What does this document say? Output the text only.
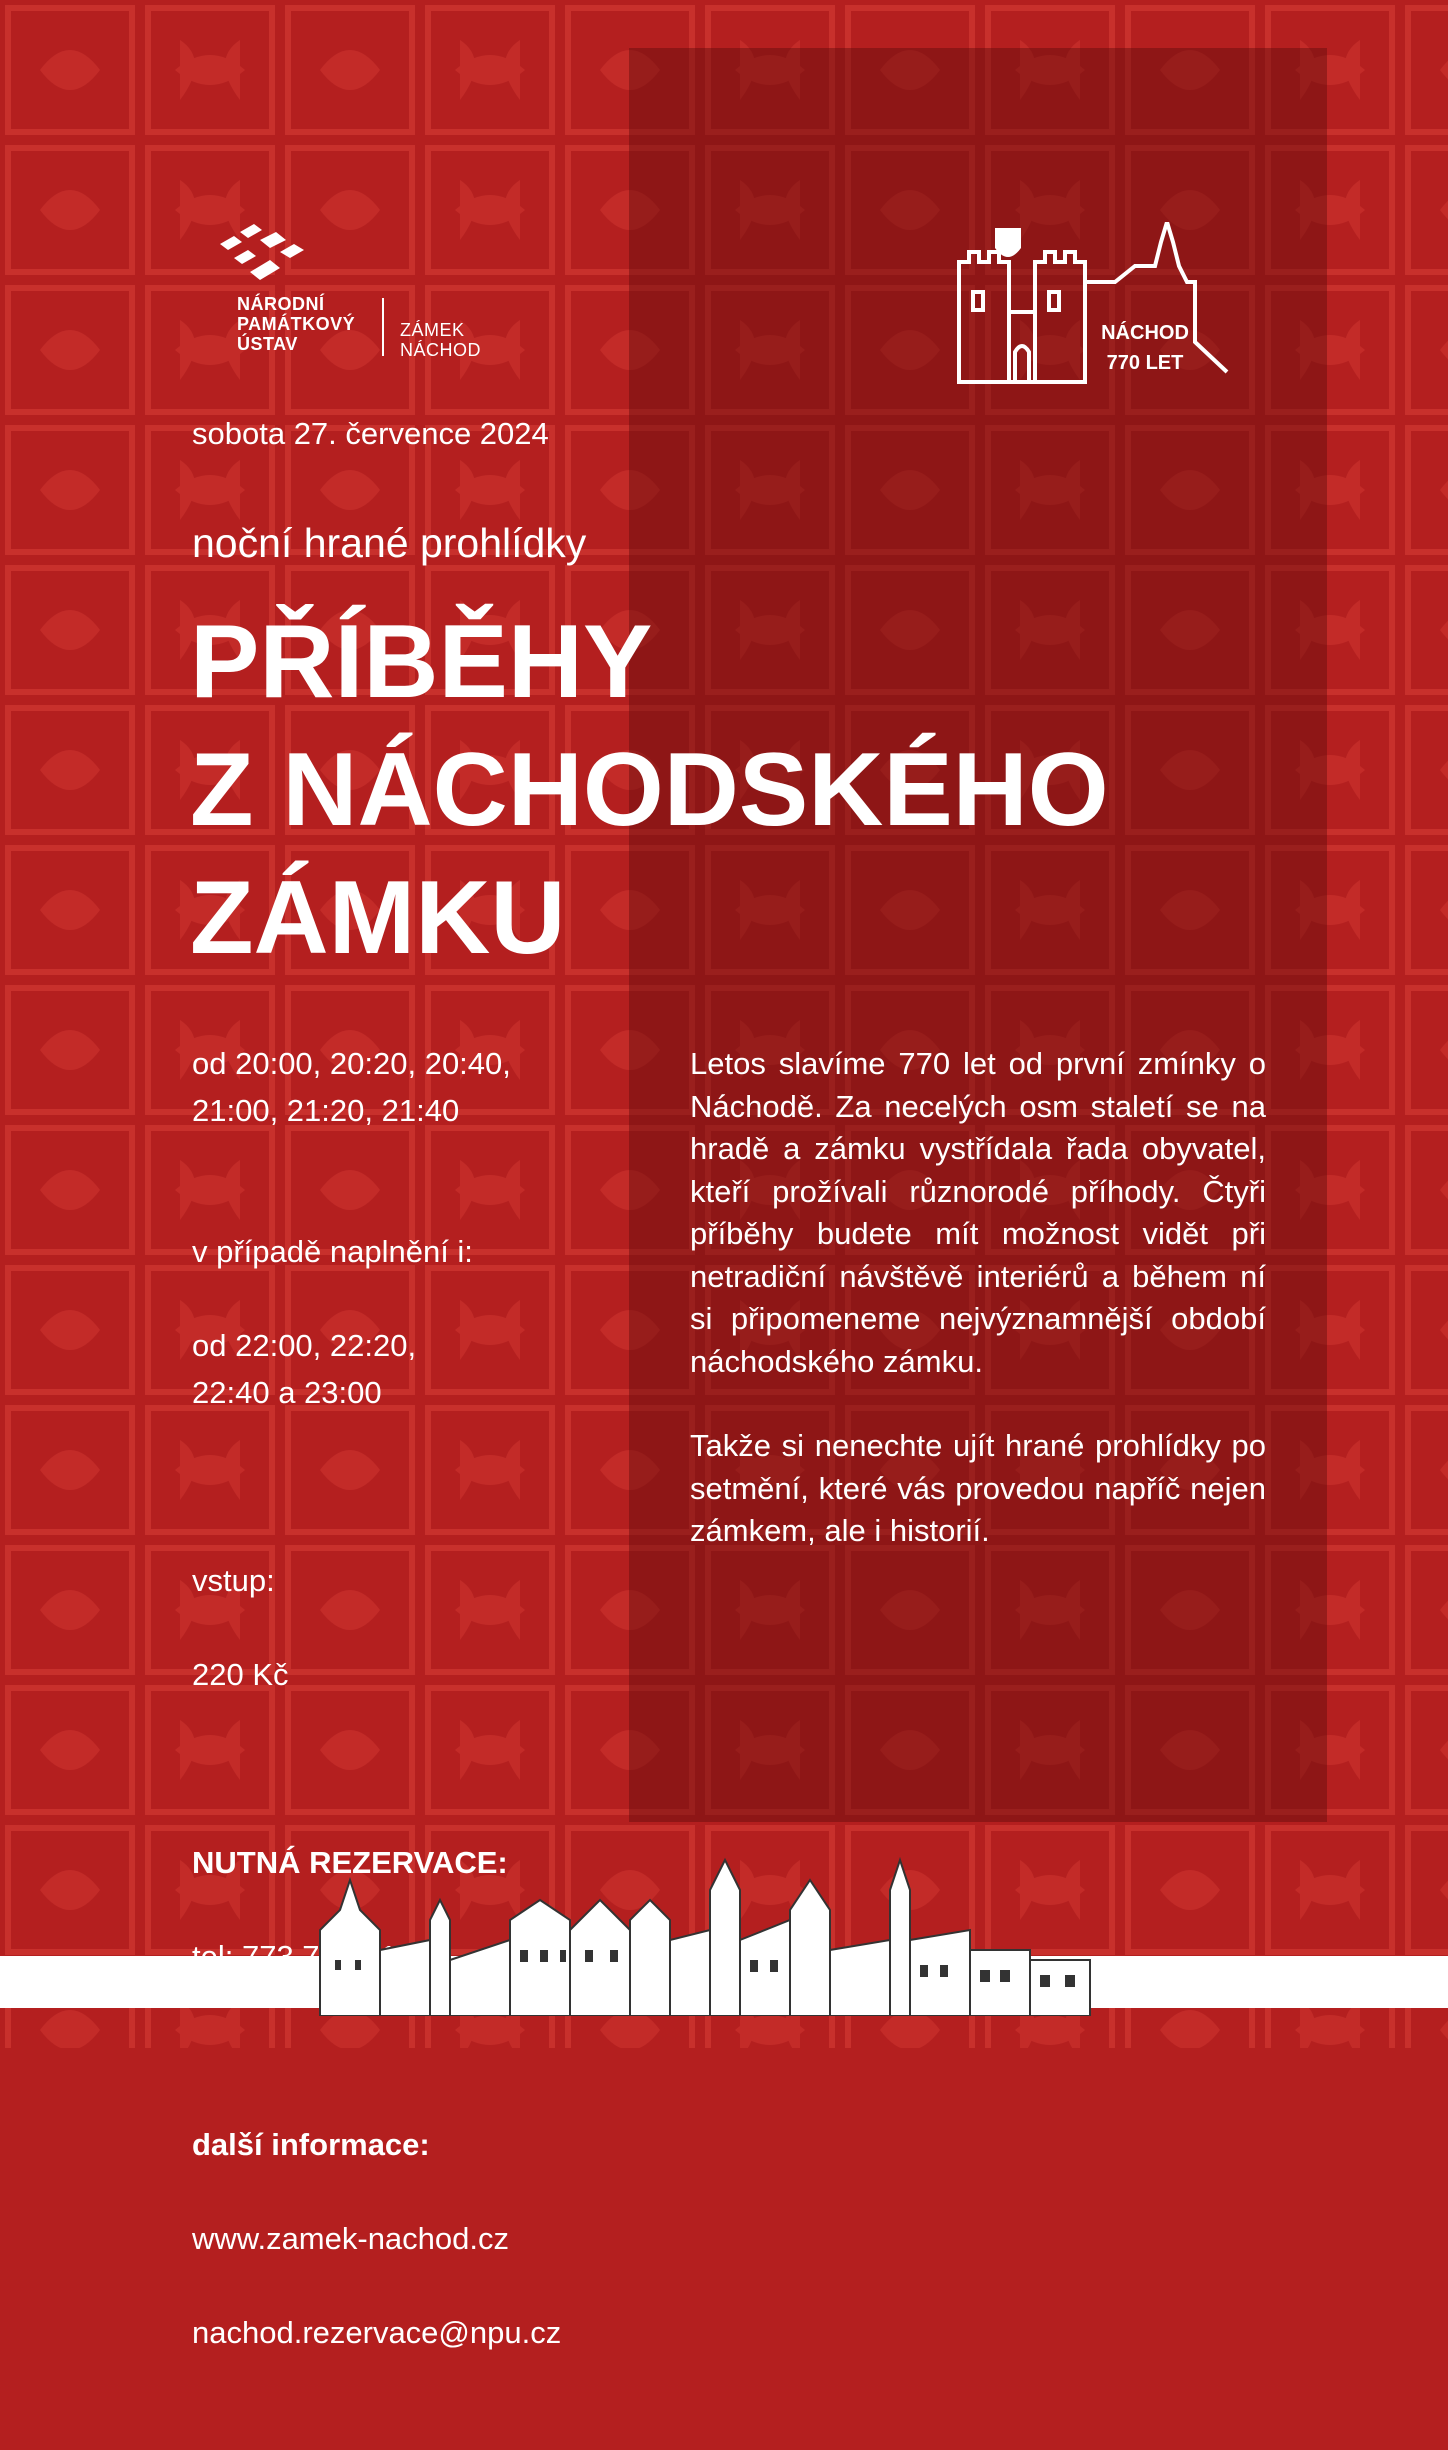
NÁRODNÍ
PAMÁTKOVÝ
ÚSTAV
ZÁMEK
NÁCHOD
NÁCHOD
770 LET
sobota 27. července 2024
noční hrané prohlídky
PŘÍBĚHY
Z NÁCHODSKÉHO
ZÁMKU
od 20:00, 20:20, 20:40,
21:00, 21:20, 21:40

v případě naplnění i:

od 22:00, 22:20,
22:40 a 23:00

vstup:

220 Kč

NUTNÁ REZERVACE:

další informace:

www.zamek-nachod.cz

nachod.rezervace@npu.cz

Letos slavíme 770 let od první zmínky o Náchodě. Za necelých osm staletí se na hradě a zámku vystřídala řada obyvatel, kteří prožívali různorodé příhody. Čtyři příběhy budete mít možnost vidět při netradiční návštěvě interiérů a během ní si připomeneme nejvýznamnější období náchodského zámku.

Takže si nenechte ujít hrané prohlídky po setmění, které vás provedou napříč nejen zámkem, ale i historií.
